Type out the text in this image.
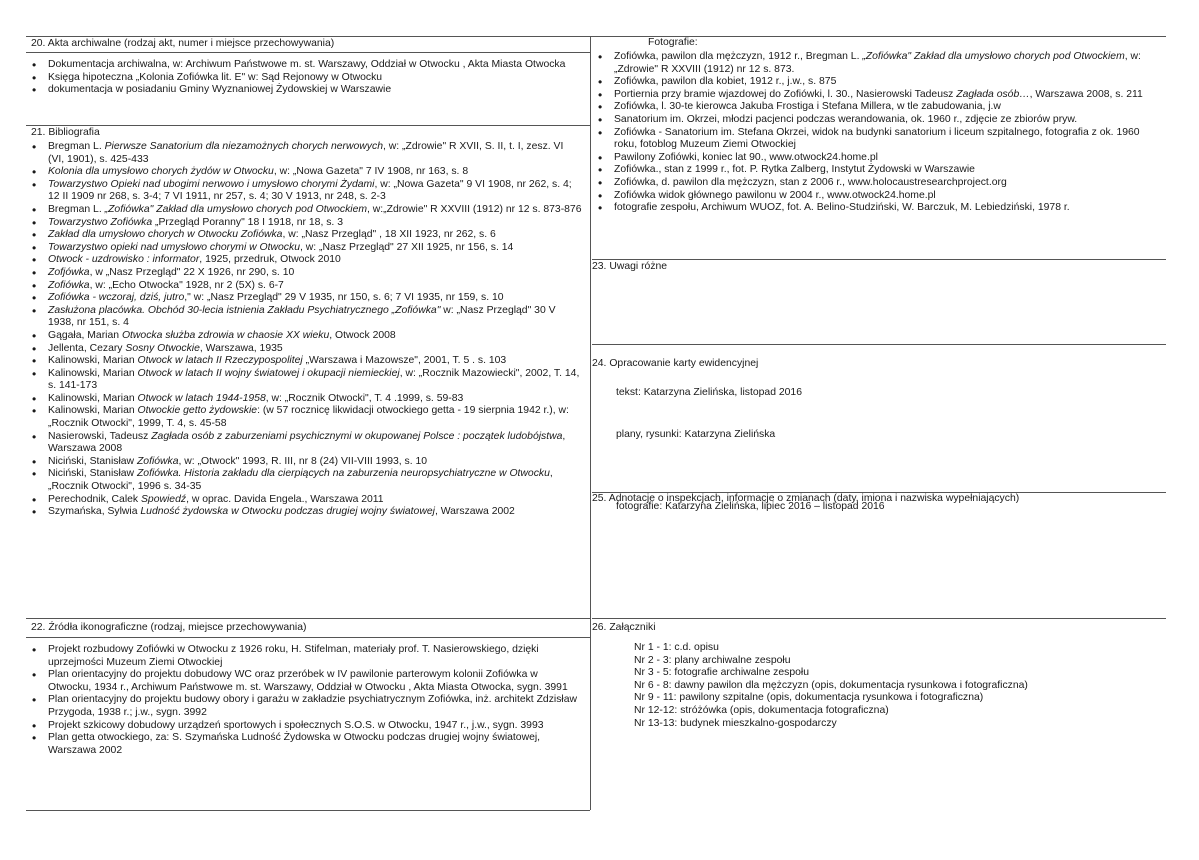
20. Akta archiwalne (rodzaj akt, numer i miejsce przechowywania)
• Dokumentacja archiwalna, w: Archiwum Państwowe m. st. Warszawy, Oddział w Otwocku , Akta Miasta Otwocka
• Księga hipoteczna „Kolonia Zofiówka lit. E" w: Sąd Rejonowy w Otwocku
• dokumentacja w posiadaniu Gminy Wyznaniowej Żydowskiej w Warszawie
21. Bibliografia
• Bregman L. Pierwsze Sanatorium dla niezamożnych chorych nerwowych, w: „Zdrowie" R XVII, S. II, t. I, zesz. VI (VI, 1901), s. 425-433
• Kolonia dla umysłowo chorych żydów w Otwocku, w: „Nowa Gazeta" 7 IV 1908, nr 163, s. 8
• Towarzystwo Opieki nad ubogimi nerwowo i umysłowo chorymi Żydami, w: „Nowa Gazeta" 9 VI 1908, nr 262, s. 4; 12 II 1909 nr 268, s. 3-4; 7 VI 1911, nr 257, s. 4; 30 V 1913, nr 248, s. 2-3
• Bregman L. „Zofiówka" Zakład dla umysłowo chorych pod Otwockiem, w:„Zdrowie" R XXVIII (1912) nr 12 s. 873-876
• Towarzystwo Zofiówka „Przegląd Poranny" 18 I 1918, nr 18, s. 3
• Zakład dla umysłowo chorych w Otwocku Zofiówka, w: „Nasz Przegląd" , 18 XII 1923, nr 262, s. 6
• Towarzystwo opieki nad umysłowo chorymi w Otwocku, w: „Nasz Przegląd" 27 XII 1925, nr 156, s. 14
• Otwock - uzdrowisko : informator, 1925, przedruk, Otwock 2010
• Zofjówka, w „Nasz Przegląd" 22 X 1926, nr 290, s. 10
• Zofiówka, w: „Echo Otwocka" 1928, nr 2 (5X) s. 6-7
• Zofiówka - wczoraj, dziś, jutro," w: „Nasz Przegląd" 29 V 1935, nr 150, s. 6; 7 VI 1935, nr 159, s. 10
• Zasłużona placówka. Obchód 30-lecia istnienia Zakładu Psychiatrycznego „Zofiówka" w: „Nasz Przegląd" 30 V 1938, nr 151, s. 4
• Gągała, Marian Otwocka służba zdrowia w chaosie XX wieku, Otwock 2008
• Jellenta, Cezary Sosny Otwockie, Warszawa, 1935
• Kalinowski, Marian Otwock w latach II Rzeczypospolitej „Warszawa i Mazowsze", 2001, T. 5 . s. 103
• Kalinowski, Marian Otwock w latach II wojny światowej i okupacji niemieckiej, w: „Rocznik Mazowiecki", 2002, T. 14, s. 141-173
• Kalinowski, Marian Otwock w latach 1944-1958, w: „Rocznik Otwocki", T. 4 .1999, s. 59-83
• Kalinowski, Marian Otwockie getto żydowskie: (w 57 rocznicę likwidacji otwockiego getta - 19 sierpnia 1942 r.), w: „Rocznik Otwocki", 1999, T. 4, s. 45-58
• Nasierowski, Tadeusz Zagłada osób z zaburzeniami psychicznymi w okupowanej Polsce : początek ludobójstwa, Warszawa 2008
• Niciński, Stanisław Zofiówka, w: „Otwock" 1993, R. III, nr 8 (24) VII-VIII 1993, s. 10
• Niciński, Stanisław Zofiówka. Historia zakładu dla cierpiących na zaburzenia neuropsychiatryczne w Otwocku, „Rocznik Otwocki", 1996 s. 34-35
• Perechodnik, Calek Spowiedź, w oprac. Davida Engela., Warszawa 2011
• Szymańska, Sylwia Ludność żydowska w Otwocku podczas drugiej wojny światowej, Warszawa 2002
22. Źródła ikonograficzne (rodzaj, miejsce przechowywania)
• Projekt rozbudowy Zofiówki w Otwocku z 1926 roku, H. Stifelman, materiały prof. T. Nasierowskiego, dzięki uprzejmości Muzeum Ziemi Otwockiej
• Plan orientacyjny do projektu dobudowy WC oraz przeróbek w IV pawilonie parterowym kolonii Zofiówka w Otwocku, 1934 r., Archiwum Państwowe m. st. Warszawy, Oddział w Otwocku , Akta Miasta Otwocka, sygn. 3991
• Plan orientacyjny do projektu budowy obory i garażu w zakładzie psychiatrycznym Zofiówka, inż. architekt Zdzisław Przygoda, 1938 r.; j.w., sygn. 3992
• Projekt szkicowy dobudowy urządzeń sportowych i społecznych S.O.S. w Otwocku, 1947 r., j.w., sygn. 3993
• Plan getta otwockiego, za: S. Szymańska Ludność Żydowska w Otwocku podczas drugiej wojny światowej, Warszawa 2002
Fotografie:
• Zofiówka, pawilon dla mężczyzn, 1912 r., Bregman L. „Zofiówka" Zakład dla umysłowo chorych pod Otwockiem, w:„Zdrowie" R XXVIII (1912) nr 12 s. 873.
• Zofiówka, pawilon dla kobiet, 1912 r., j.w., s. 875
• Portiernia przy bramie wjazdowej do Zofiówki, l. 30., Nasierowski Tadeusz Zagłada osób…, Warszawa 2008, s. 211
• Zofiówka, l. 30-te kierowca Jakuba Frostiga i Stefana Millera, w tle zabudowania, j.w
• Sanatorium im. Okrzei, młodzi pacjenci podczas werandowania, ok. 1960 r., zdjęcie ze zbiorów pryw.
• Zofiówka - Sanatorium im. Stefana Okrzei, widok na budynki sanatorium i liceum szpitalnego, fotografia z ok. 1960 roku, fotoblog Muzeum Ziemi Otwockiej
• Pawilony Zofiówki, koniec lat 90., www.otwock24.home.pl
• Zofiówka., stan z 1999 r., fot. P. Rytka Zalberg, Instytut Żydowski w Warszawie
• Zofiówka, d. pawilon dla mężczyzn, stan z 2006 r., www.holocaustresearchproject.org
• Zofiówka widok głównego pawilonu w 2004 r., www.otwock24.home.pl
• fotografie zespołu, Archiwum WUOZ, fot. A. Belino-Studziński, W. Barczuk, M. Lebiedziński, 1978 r.
23. Uwagi różne
24. Opracowanie karty ewidencyjnej
tekst: Katarzyna Zielińska, listopad 2016
plany, rysunki: Katarzyna Zielińska
fotografie: Katarzyna Zielińska, lipiec 2016 – listopad 2016
25. Adnotacje o inspekcjach, informacje o zmianach (daty, imiona i nazwiska wypełniających)
26. Załączniki
Nr 1 - 1: c.d. opisu
Nr 2 - 3: plany archiwalne zespołu
Nr 3 - 5: fotografie archiwalne zespołu
Nr 6 - 8: dawny pawilon dla mężczyzn (opis, dokumentacja rysunkowa i fotograficzna)
Nr 9 - 11: pawilony szpitalne (opis, dokumentacja rysunkowa i fotograficzna)
Nr 12-12: stróżówka (opis, dokumentacja fotograficzna)
Nr 13-13: budynek mieszkalno-gospodarczy
